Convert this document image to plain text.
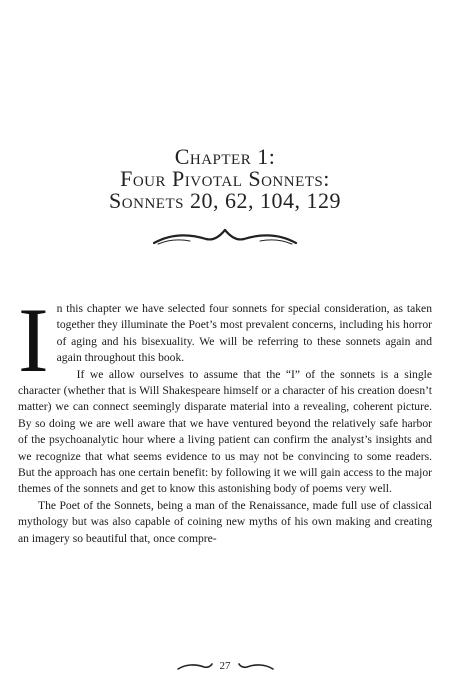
Chapter 1:
Four Pivotal Sonnets:
Sonnets 20, 62, 104, 129

In this chapter we have selected four sonnets for special consideration, as taken together they illuminate the Poet’s most prevalent concerns, including his horror of aging and his bisexuality. We will be referring to these sonnets again and again throughout this book.

If we allow ourselves to assume that the “I” of the sonnets is a single character (whether that is Will Shakespeare himself or a character of his creation doesn’t matter) we can connect seemingly disparate material into a revealing, coherent picture. By so doing we are well aware that we have ventured beyond the relatively safe harbor of the psychoanalytic hour where a living patient can confirm the analyst’s insights and we recognize that what seems evidence to us may not be convincing to some readers. But the approach has one certain benefit: by following it we will gain access to the major themes of the sonnets and get to know this astonishing body of poems very well.

The Poet of the Sonnets, being a man of the Renaissance, made full use of classical mythology but was also capable of coining new myths of his own making and creating an imagery so beautiful that, once compre-

27
